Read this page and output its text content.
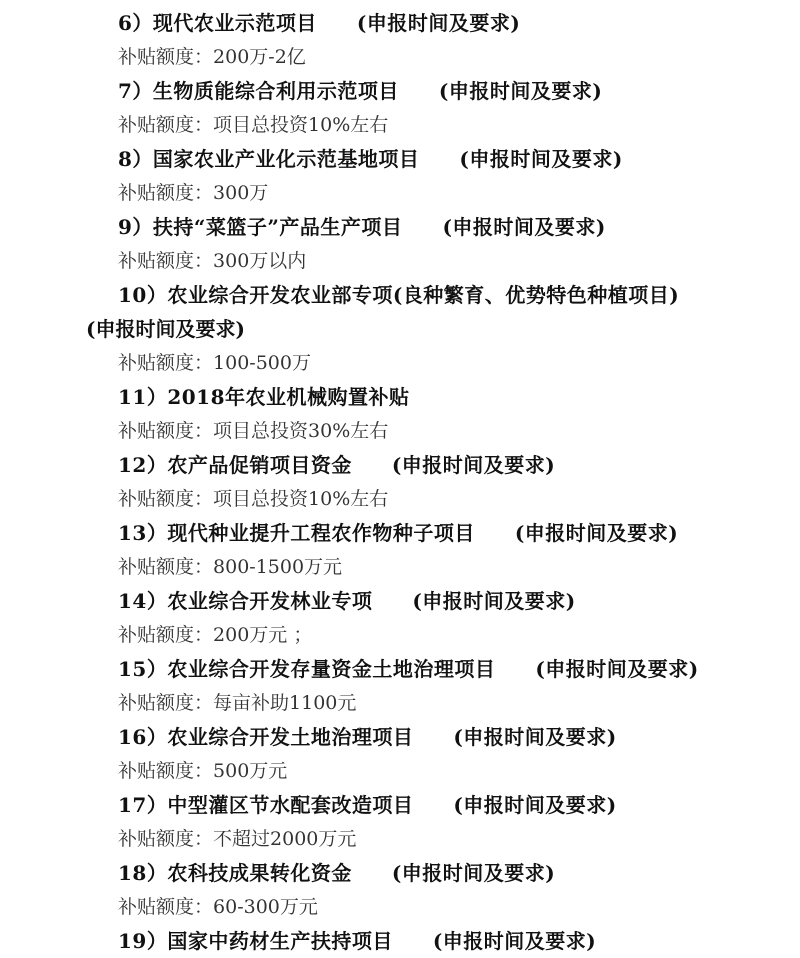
6）现代农业示范项目 (申报时间及要求)
补贴额度：200万-2亿
7）生物质能综合利用示范项目 (申报时间及要求)
补贴额度：项目总投资10%左右
8）国家农业产业化示范基地项目 (申报时间及要求)
补贴额度：300万
9）扶持“菜篮子”产品生产项目 (申报时间及要求)
补贴额度：300万以内
10）农业综合开发农业部专项(良种繁育、优势特色种植项目)
(申报时间及要求)
补贴额度：100-500万
11）2018年农业机械购置补贴
补贴额度：项目总投资30%左右
12）农产品促销项目资金 (申报时间及要求)
补贴额度：项目总投资10%左右
13）现代种业提升工程农作物种子项目 (申报时间及要求)
补贴额度：800-1500万元
14）农业综合开发林业专项 (申报时间及要求)
补贴额度：200万元 ；
15）农业综合开发存量资金土地治理项目 (申报时间及要求)
补贴额度：每亩补助1100元
16）农业综合开发土地治理项目 (申报时间及要求)
补贴额度：500万元
17）中型灌区节水配套改造项目 (申报时间及要求)
补贴额度：不超过2000万元
18）农科技成果转化资金 (申报时间及要求)
补贴额度：60-300万元
19）国家中药材生产扶持项目 (申报时间及要求)
